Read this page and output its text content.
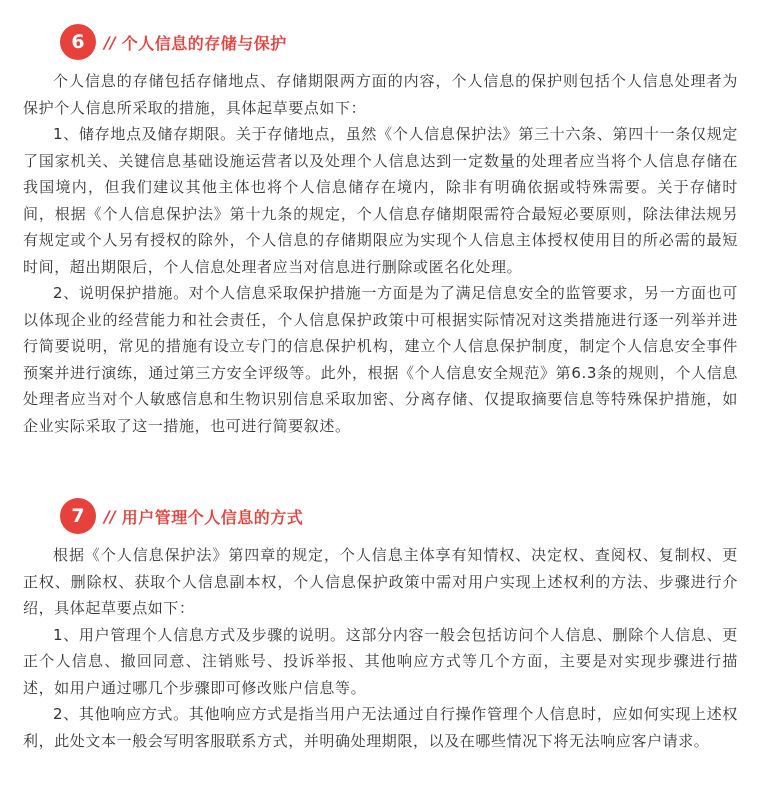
6	// 个人信息的存储与保护

个人信息的存储包括存储地点、存储期限两方面的内容，个人信息的保护则包括个人信息处理者为保护个人信息所采取的措施，具体起草要点如下：

1、储存地点及储存期限。关于存储地点，虽然《个人信息保护法》第三十六条、第四十一条仅规定了国家机关、关键信息基础设施运营者以及处理个人信息达到一定数量的处理者应当将个人信息存储在我国境内，但我们建议其他主体也将个人信息储存在境内，除非有明确依据或特殊需要。关于存储时间，根据《个人信息保护法》第十九条的规定，个人信息存储期限需符合最短必要原则，除法律法规另有规定或个人另有授权的除外，个人信息的存储期限应为实现个人信息主体授权使用目的所必需的最短时间，超出期限后，个人信息处理者应当对信息进行删除或匿名化处理。

2、说明保护措施。对个人信息采取保护措施一方面是为了满足信息安全的监管要求，另一方面也可以体现企业的经营能力和社会责任，个人信息保护政策中可根据实际情况对这类措施进行逐一列举并进行简要说明，常见的措施有设立专门的信息保护机构，建立个人信息保护制度，制定个人信息安全事件预案并进行演练，通过第三方安全评级等。此外，根据《个人信息安全规范》第6.3条的规则，个人信息处理者应当对个人敏感信息和生物识别信息采取加密、分离存储、仅提取摘要信息等特殊保护措施，如企业实际采取了这一措施，也可进行简要叙述。

7	// 用户管理个人信息的方式

根据《个人信息保护法》第四章的规定，个人信息主体享有知情权、决定权、查阅权、复制权、更正权、删除权、获取个人信息副本权，个人信息保护政策中需对用户实现上述权利的方法、步骤进行介绍，具体起草要点如下：

1、用户管理个人信息方式及步骤的说明。这部分内容一般会包括访问个人信息、删除个人信息、更正个人信息、撤回同意、注销账号、投诉举报、其他响应方式等几个方面，主要是对实现步骤进行描述，如用户通过哪几个步骤即可修改账户信息等。

2、其他响应方式。其他响应方式是指当用户无法通过自行操作管理个人信息时，应如何实现上述权利，此处文本一般会写明客服联系方式，并明确处理期限，以及在哪些情况下将无法响应客户请求。
